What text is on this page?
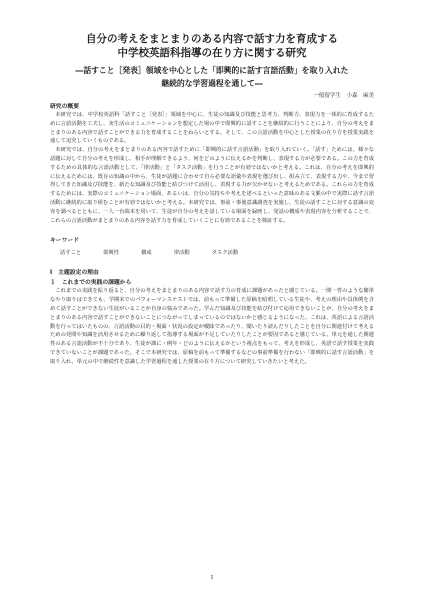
自分の考えをまとまりのある内容で話す力を育成する
中学校英語科指導の在り方に関する研究

―話すこと［発表］領域を中心とした「即興的に話す言語活動」を取り入れた

継続的な学習過程を通して―

一般留学生　小森　麻美

研究の概要

本研究では、中学校英語科「話すこと［発表］」領域を中心に、生徒の知識及び技能と思考力、判断力、表現力を一体的に育成するために言語活動を工夫し、実生活のコミュニケーションを想定した場の中で即興的に話すことを継続的に行うことにより、自分の考えをまとまりのある内容で話すことができる力を育成することをねらいとする。そして、この言語活動を中心とした授業の在り方を授業実践を通して追究していくものである。

本研究では、自分の考えをまとまりのある内容で話すために「即興的に話す言語活動」を取り入れていく。「話す」ためには、様々な話題に対して自分の考えを形成し、相手が理解できるよう、何をどのように伝えるかを判断し、表現する力が必要である。この力を育成するための具体的な言語活動として、「帯活動」と「タスク活動」を行うことが有効ではないかと考える。これは、自分の考えを即興的に伝えるためには、既存の知識の中から、生徒が話題に合わせて自ら必要な語彙や表現を選び出し、組み立て、表現する力や、今まで習得してきた知識及び技能を、新たな知識及び技能と結びつけて活用し、表現する力が欠かせないと考えるためである。これらの力を育成するためには、実際のコミュニケーション場面、あるいは、自分の気持ちや考えを述べるといった意味のある文脈の中で実際に話す言語活動に継続的に取り組むことが有効ではないかと考える。本研究では、事前・事後意識調査を実施し、生徒の話すことに対する意識の変容を調べるとともに、一人一台端末を用いて、生徒が自分の考えを話している場面を録画し、発話の構成や表現内容を分析することで、これらの言語活動がまとまりのある内容を話す力を育成していくことに有効であることを検証する。

キーワード
話すこと	即興性	構成	帯活動	タスク活動
Ⅰ 主題設定の理由
１ これまでの実践の課題から

これまでの実践を振り返ると、自分の考えをまとまりのある内容で話す力の育成に課題があったと感じている。一問一答のような簡単なやり取りはできても、学期末でのパフォーマンステストでは、前もって準備した原稿を暗唱している生徒や、考えの理由や具体例を含めて話すことができない生徒がいることが自身の悩みであった。学んだ知識及び技能を結び付けて応用できないことが、自分の考えをまとまりのある内容で話すことができないことにつながってしまっているのではないかと感じるようになった。これは、英語による言語活動を行ってはいたものの、言語活動の目的・場面・状況の設定が曖昧であったり、聞いたり読んだりしたことを自分に関連付けて考えるための発問や知識を活用させるために繰り返して指導する場面が不足していたりしたことが要因であると感じている。単元を通した関連性のある言語活動が不十分であり、生徒が課に・例年・どのように伝えるかという視点をもって、考えを形成し、英語で話す授業を実践できていないことが課題であった。そこで本研究では、原稿を前もって準備するなどの事前準備を行わない「即興的に話す言語活動」を取り入れ、単元の中で継続性を意識した学習過程を通した授業の在り方について研究していきたいと考えた。

1
